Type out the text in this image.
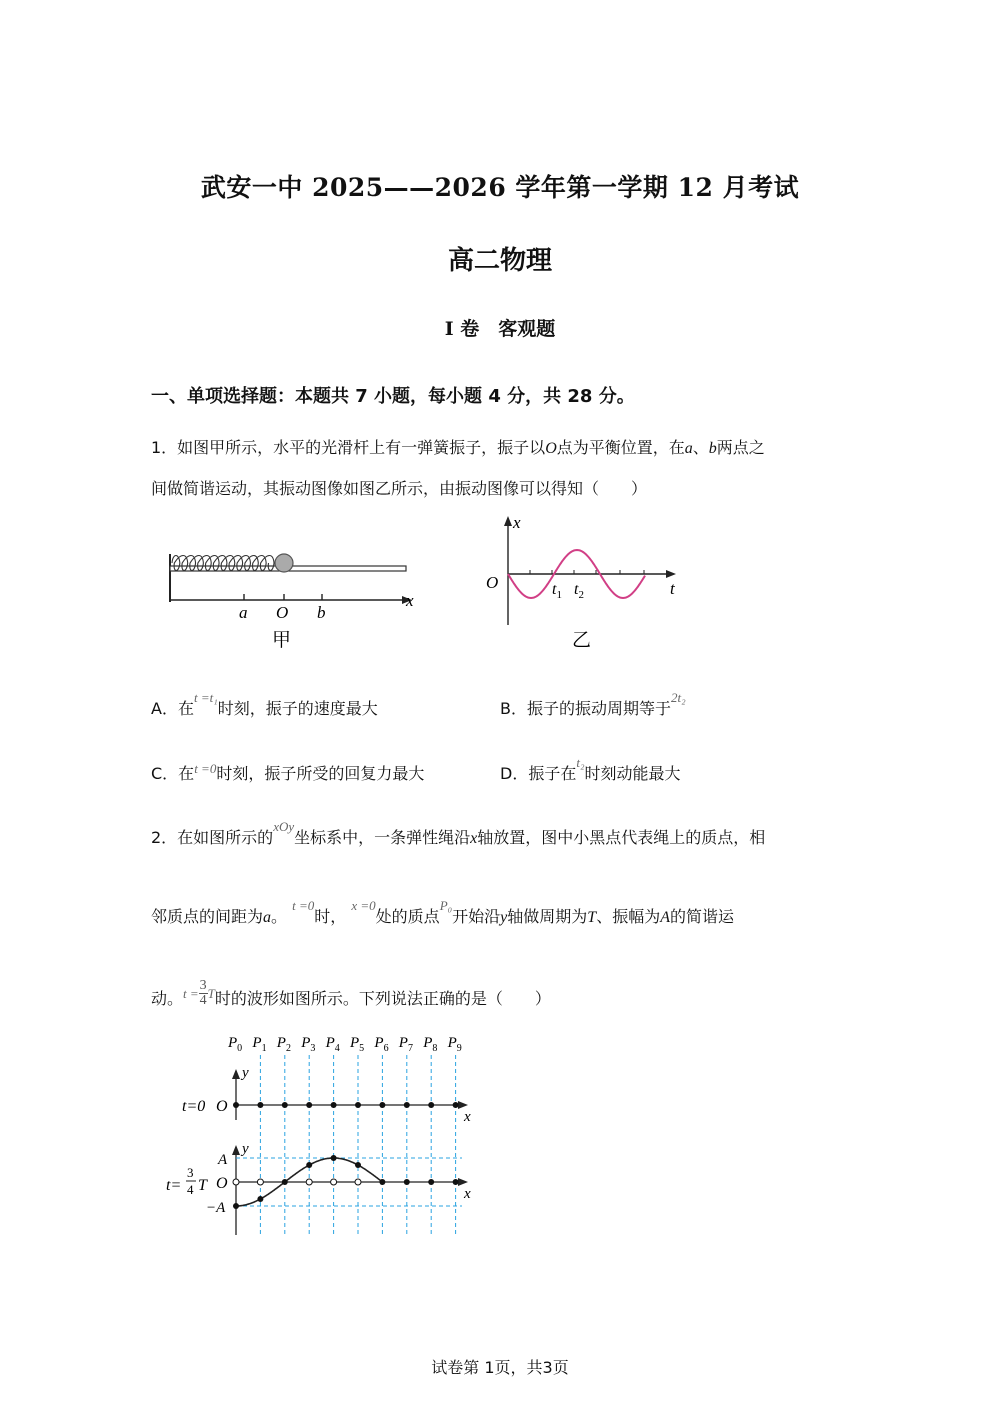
武安一中 2025——2026 学年第一学期 12 月考试
高二物理
I 卷　客观题
一、单项选择题：本题共 7 小题，每小题 4 分，共 28 分。
1．如图甲所示，水平的光滑杆上有一弹簧振子，振子以O点为平衡位置，在a、b两点之
间做简谐运动，其振动图像如图乙所示，由振动图像可以得知（　　）
a O b
x
甲
x
O	t
$t_1$ $t_2$
乙
A．在$^{t =t_1}$时刻，振子的速度最大	B．振子的振动周期等于$^{2t_2}$
C．在$^{t =0}$时刻，振子所受的回复力最大	D．振子在$^{t_2}$时刻动能最大
2．在如图所示的$^{xOy}$坐标系中，一条弹性绳沿x轴放置，图中小黑点代表绳上的质点，相
邻质点的间距为a。 $^{t =0}$时， $^{x =0}$处的质点$^{P_0}$开始沿y轴做周期为T、振幅为A的简谐运
动。$^{t =} \frac{3}{4} ^T$时的波形如图所示。下列说法正确的是（　　）
$P_0$ $P_1$ $P_2$ $P_3$ $P_4$ $P_5$ $P_6$ $P_7$ $P_8$ $P_9$
y
x
t=0 O
y
x
A
O
−A
t=
3
4 T
试卷第 1页，共3页
